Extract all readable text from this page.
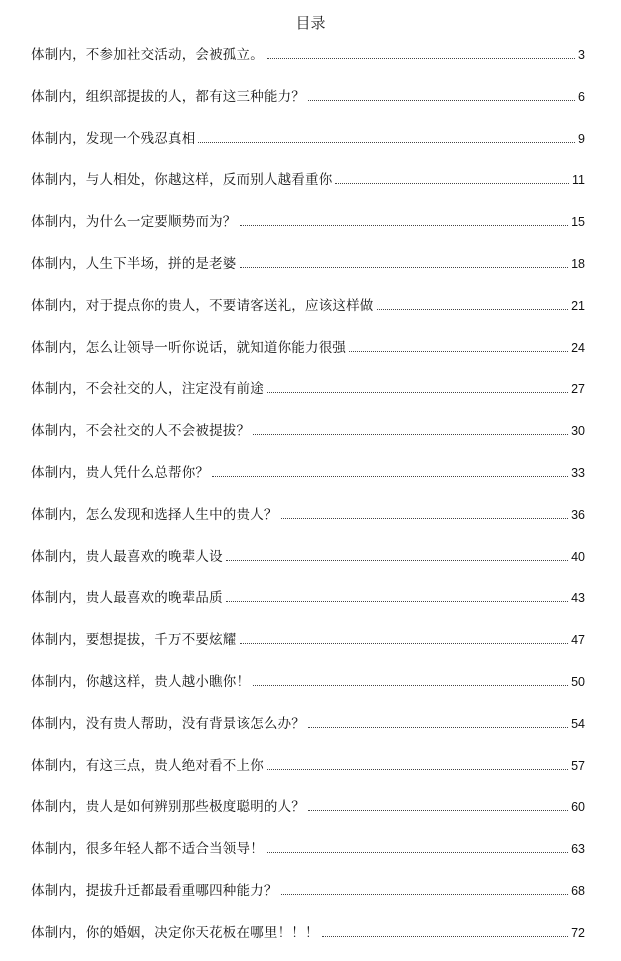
目录
体制内，不参加社交活动，会被孤立。	3
体制内，组织部提拔的人，都有这三种能力？	6
体制内，发现一个残忍真相	9
体制内，与人相处，你越这样，反而别人越看重你	11
体制内，为什么一定要顺势而为？	15
体制内，人生下半场，拼的是老婆	18
体制内，对于提点你的贵人，不要请客送礼，应该这样做	21
体制内，怎么让领导一听你说话，就知道你能力很强	24
体制内，不会社交的人，注定没有前途	27
体制内，不会社交的人不会被提拔？	30
体制内，贵人凭什么总帮你？	33
体制内，怎么发现和选择人生中的贵人？	36
体制内，贵人最喜欢的晚辈人设	40
体制内，贵人最喜欢的晚辈品质	43
体制内，要想提拔，千万不要炫耀	47
体制内，你越这样，贵人越小瞧你！	50
体制内，没有贵人帮助，没有背景该怎么办？	54
体制内，有这三点，贵人绝对看不上你	57
体制内，贵人是如何辨别那些极度聪明的人？	60
体制内，很多年轻人都不适合当领导！	63
体制内，提拔升迁都最看重哪四种能力？	68
体制内，你的婚姻，决定你天花板在哪里！！！	72
